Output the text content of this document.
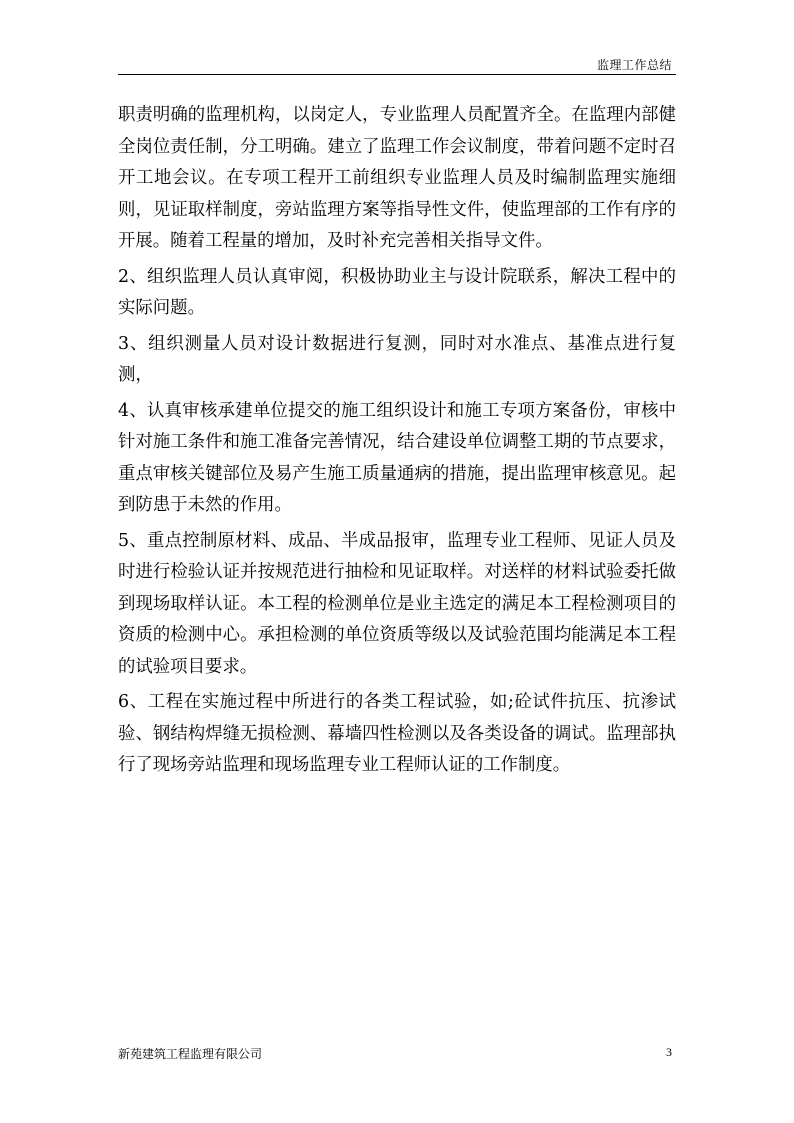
监理工作总结

职责明确的监理机构，以岗定人，专业监理人员配置齐全。在监理内部健全岗位责任制，分工明确。建立了监理工作会议制度，带着问题不定时召开工地会议。在专项工程开工前组织专业监理人员及时编制监理实施细则，见证取样制度，旁站监理方案等指导性文件，使监理部的工作有序的开展。随着工程量的增加，及时补充完善相关指导文件。

2、组织监理人员认真审阅，积极协助业主与设计院联系，解决工程中的实际问题。

3、组织测量人员对设计数据进行复测，同时对水准点、基准点进行复测，

4、认真审核承建单位提交的施工组织设计和施工专项方案备份，审核中针对施工条件和施工准备完善情况，结合建设单位调整工期的节点要求，重点审核关键部位及易产生施工质量通病的措施，提出监理审核意见。起到防患于未然的作用。

5、重点控制原材料、成品、半成品报审，监理专业工程师、见证人员及时进行检验认证并按规范进行抽检和见证取样。对送样的材料试验委托做到现场取样认证。本工程的检测单位是业主选定的满足本工程检测项目的资质的检测中心。承担检测的单位资质等级以及试验范围均能满足本工程的试验项目要求。

6、工程在实施过程中所进行的各类工程试验，如;砼试件抗压、抗渗试验、钢结构焊缝无损检测、幕墙四性检测以及各类设备的调试。监理部执行了现场旁站监理和现场监理专业工程师认证的工作制度。

新苑建筑工程监理有限公司	3
